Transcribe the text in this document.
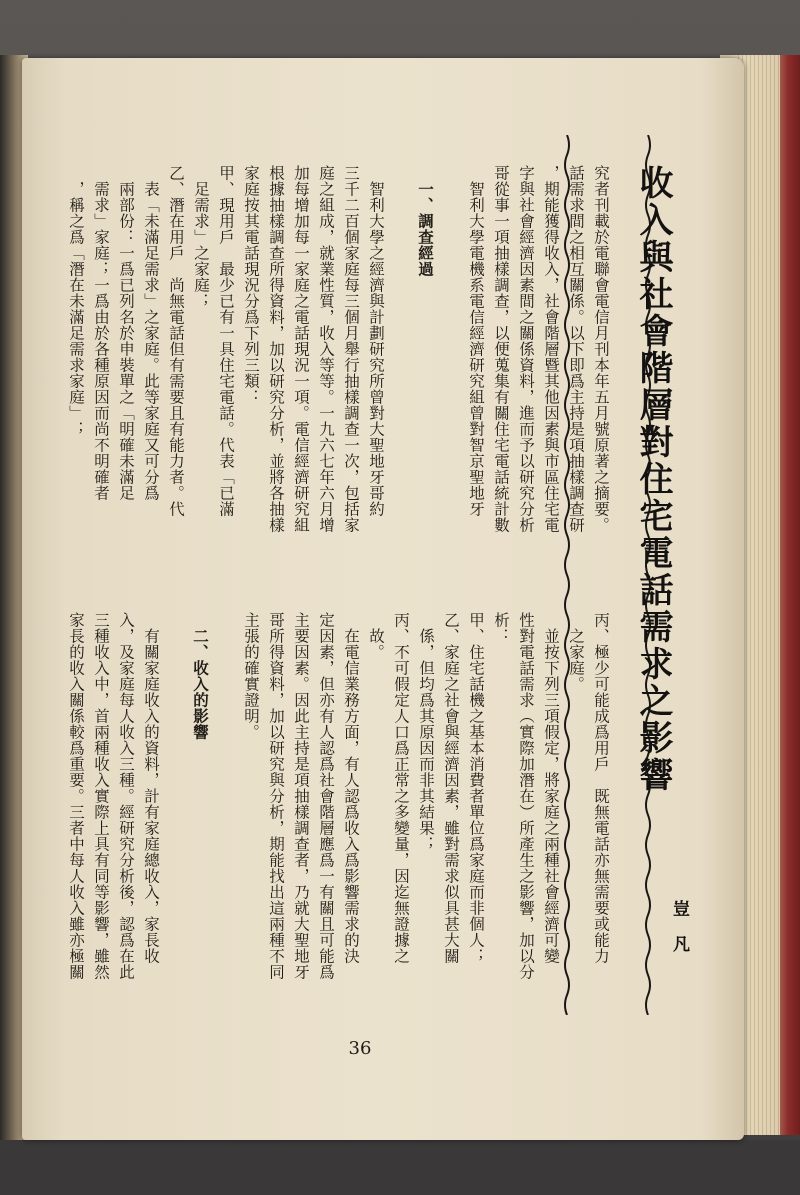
收入與社會階層對住宅電話需求之影響
豈凡
究者刊載於電聯會電信月刊本年五月號原著之摘要。
話需求間之相互關係。以下即爲主持是項抽樣調查研
，期能獲得收入，社會階層暨其他因素與市區住宅電
字與社會經濟因素間之關係資料，進而予以研究分析
哥從事一項抽樣調查，以便蒐集有關住宅電話統計數
　智利大學電機系電信經濟研究組曾對智京聖地牙

　一、調查經過

　智利大學之經濟與計劃研究所曾對大聖地牙哥約
三千二百個家庭每三個月舉行抽樣調查一次，包括家
庭之組成，就業性質，收入等等。一九六七年六月增
加每增加每一家庭之電話現況一項。電信經濟研究組
根據抽樣調查所得資料，加以研究分析，並將各抽樣
家庭按其電話現況分爲下列三類：
甲、現用戶　最少已有一具住宅電話。代表「已滿
　足需求」之家庭；
乙、潛在用戶　尚無電話但有需要且有能力者。代
　表「未滿足需求」之家庭。此等家庭又可分爲
　兩部份：一爲已列名於申裝單之「明確未滿足
　需求」家庭；一爲由於各種原因而尚不明確者
　，稱之爲「潛在未滿足需求家庭」；
丙、極少可能成爲用戶　既無電話亦無需要或能力
　之家庭。
　並按下列三項假定，將家庭之兩種社會經濟可變
性對電話需求（實際加潛在）所產生之影響，加以分
析：
甲、住宅話機之基本消費者單位爲家庭而非個人；
乙、家庭之社會與經濟因素，雖對需求似具甚大關
　係，但均爲其原因而非其結果；
丙、不可假定人口爲正常之多變量，因迄無證據之
　故。
　在電信業務方面，有人認爲收入爲影響需求的決
定因素，但亦有人認爲社會階層應爲一有關且可能爲
主要因素。因此主持是項抽樣調查者，乃就大聖地牙
哥所得資料，加以研究與分析，期能找出這兩種不同
主張的確實證明。

　二、收入的影響

　有關家庭收入的資料，計有家庭總收入，家長收
入，及家庭每人收入三種。經研究分析後，認爲在此
三種收入中，首兩種收入實際上具有同等影響，雖然
家長的收入關係較爲重要。三者中每人收入雖亦極關
36
